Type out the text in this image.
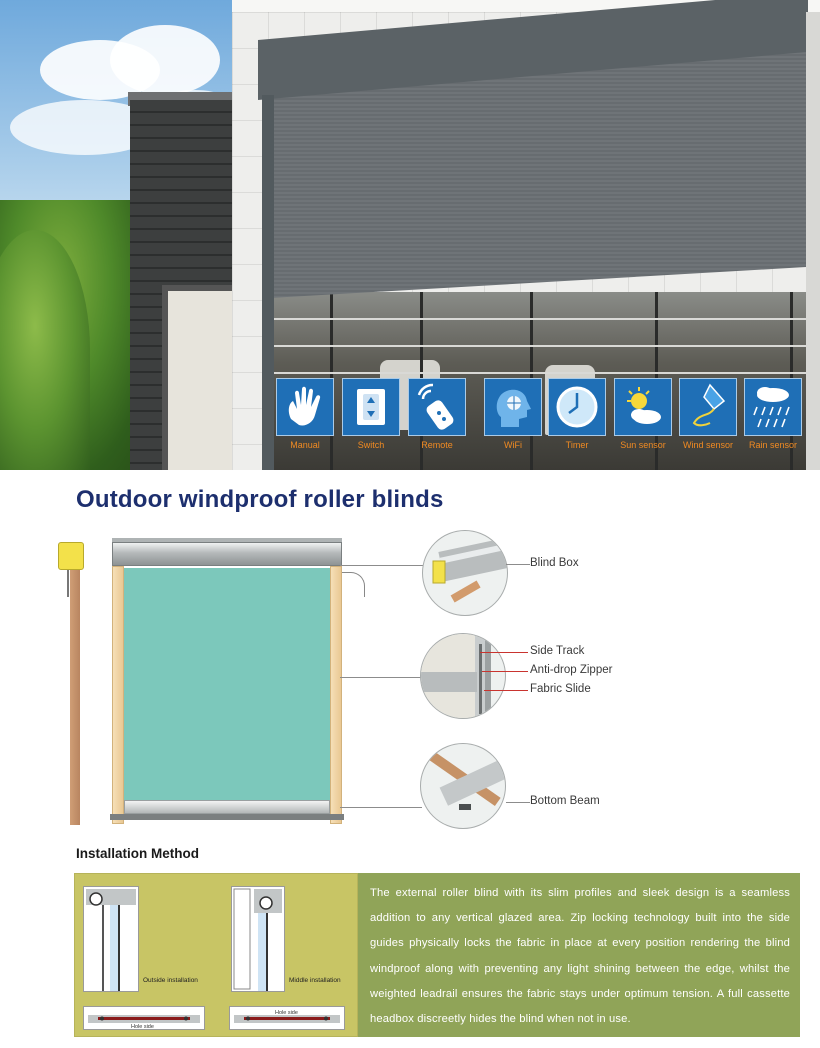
Manual	Switch	Remote	WiFi	Timer	Sun sensor	Wind sensor	Rain sensor
Outdoor windproof roller blinds
Blind Box
Side Track
Anti-drop Zipper
Fabric Slide
Bottom Beam
Installation Method
Outside installation	Middle installation
Hole side
Hole side

The external roller blind with its slim profiles and sleek design is a seamless addition to any vertical glazed area. Zip locking technology built into the side guides physically locks the fabric in place at every position rendering the blind windproof along with preventing any light shining between the edge, whilst the weighted leadrail ensures the fabric stays under optimum tension. A full cassette headbox discreetly hides the blind when not in use.
